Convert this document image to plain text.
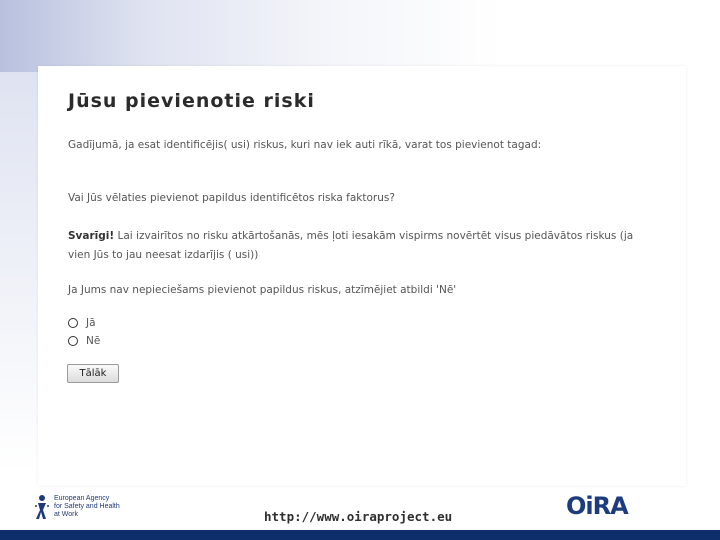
Jūsu pievienotie riski
Gadījumā, ja esat identificējis( usi) riskus, kuri nav iek auti rīkā, varat tos pievienot tagad:
Vai Jūs vēlaties pievienot papildus identificētos riska faktorus?
Svarīgi! Lai izvairītos no risku atkārtošanās, mēs ļoti iesakām vispirms novērtēt visus piedāvātos riskus (ja vien Jūs to jau neesat izdarījis ( usi))
Ja Jums nav nepieciešams pievienot papildus riskus, atzīmējiet atbildi 'Nē'
Jā
Nē
Tālāk
European Agency
for Safety and Health
at Work	http://www.oiraproject.eu	OiRA
